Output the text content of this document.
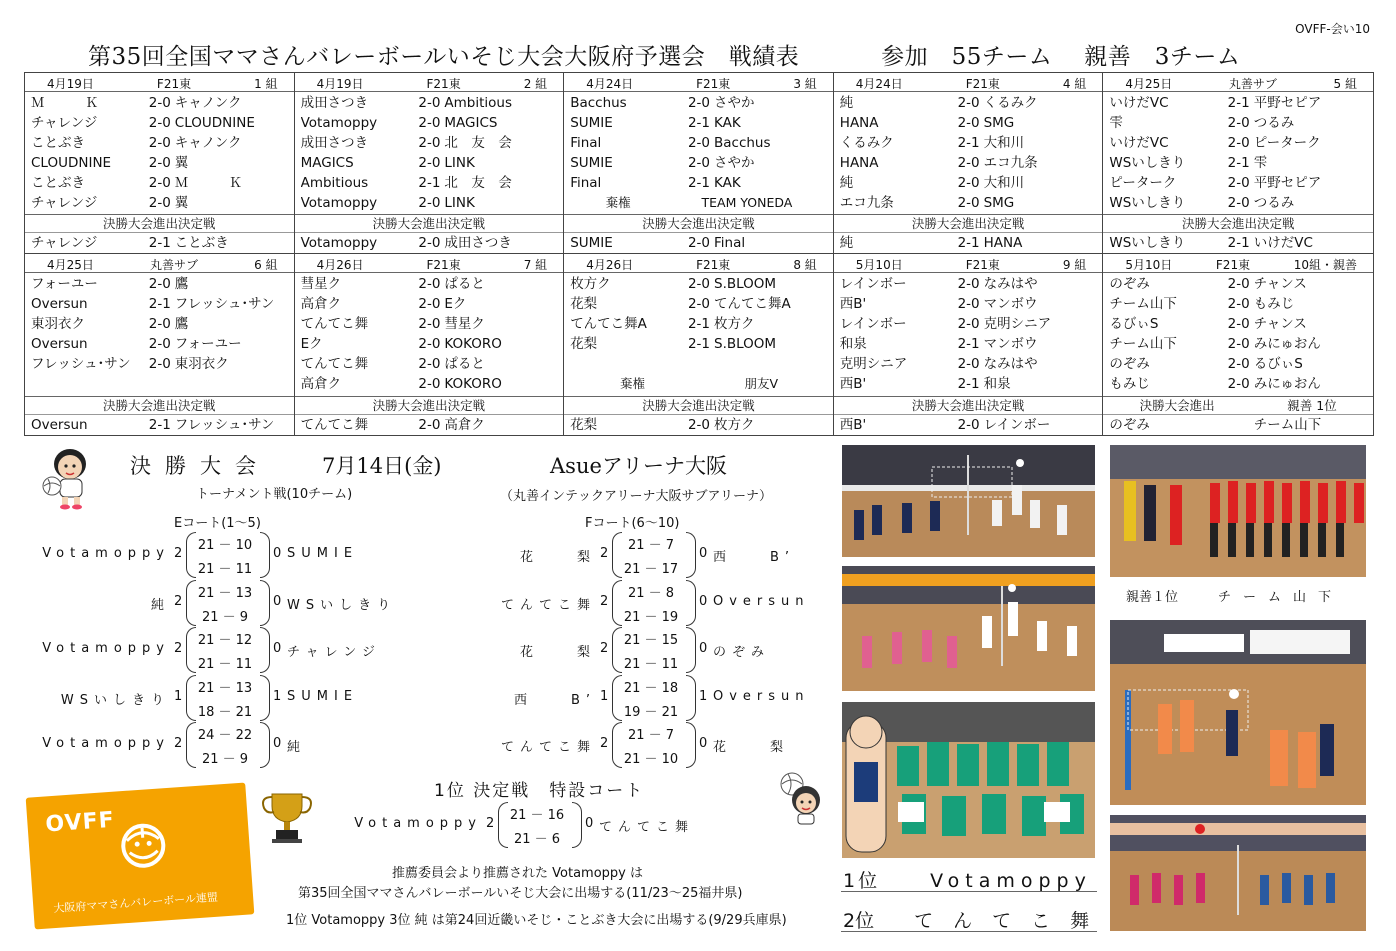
OVFF-会い10
第35回全国ママさんバレーボールいそじ大会大阪府予選会　戦績表	参加　55チーム 親善　3チーム
4月19日	F21東	1 組
Ｍ　　　Ｋ	2-0 キャノンク
チャレンジ	2-0 CLOUDNINE
ことぶき	2-0 キャノンク
CLOUDNINE	2-0 翼
ことぶき	2-0 Ｍ　　　Ｋ
チャレンジ	2-0 翼
決勝大会進出決定戦
チャレンジ	2-1 ことぶき
4月19日	F21東	2 組
成田さつき	2-0 Ambitious
Votamoppy	2-0 MAGICS
成田さつき	2-0 北　友　会
MAGICS	2-0 LINK
Ambitious	2-1 北　友　会
Votamoppy	2-0 LINK
決勝大会進出決定戦
Votamoppy	2-0 成田さつき
4月24日	F21東	3 組
Bacchus	2-0 さやか
SUMIE	2-1 KAK
Final	2-0 Bacchus
SUMIE	2-0 さやか
Final	2-1 KAK
棄権	TEAM YONEDA
決勝大会進出決定戦
SUMIE	2-0 Final
4月24日	F21東	4 組
純	2-0 くるみク
HANA	2-0 SMG
くるみク	2-1 大和川
HANA	2-0 エコ九条
純	2-0 大和川
エコ九条	2-0 SMG
決勝大会進出決定戦
純	2-1 HANA
4月25日	丸善サブ	5 組
いけだVC	2-1 平野セピア
雫	2-0 つるみ
いけだVC	2-0 ピーターク
WSいしきり	2-1 雫
ピーターク	2-0 平野セピア
WSいしきり	2-0 つるみ
決勝大会進出決定戦
WSいしきり	2-1 いけだVC
4月25日	丸善サブ	6 組
フォーユー	2-0 鷹
Oversun	2-1 フレッシュ･サン
東羽衣ク	2-0 鷹
Oversun	2-0 フォーユー
フレッシュ･サン	2-0 東羽衣ク
決勝大会進出決定戦
Oversun	2-1 フレッシュ･サン
4月26日	F21東	7 組
彗星ク	2-0 ぱると
高倉ク	2-0 Eク
てんてこ舞	2-0 彗星ク
Eク	2-0 KOKORO
てんてこ舞	2-0 ぱると
高倉ク	2-0 KOKORO
決勝大会進出決定戦
てんてこ舞	2-0 高倉ク
4月26日	F21東	8 組
枚方ク	2-0 S.BLOOM
花梨	2-0 てんてこ舞A
てんてこ舞A	2-1 枚方ク
花梨	2-1 S.BLOOM
棄権	朋友V
決勝大会進出決定戦
花梨	2-0 枚方ク
5月10日	F21東	9 組
レインボー	2-0 なみはや
西B'	2-0 マンボウ
レインボー	2-0 克明シニア
和泉	2-1 マンボウ
克明シニア	2-0 なみはや
西B'	2-1 和泉
決勝大会進出決定戦
西B'	2-0 レインボー
5月10日	F21東	10組・親善
のぞみ	2-0 チャンス
チーム山下	2-0 もみじ
るびぃS	2-0 チャンス
チーム山下	2-0 みにゅおん
のぞみ	2-0 るびぃS
もみじ	2-0 みにゅおん
決勝大会進出	親善 1位
のぞみ	チーム山下
決勝大会 7月14日(金)	Asueアリーナ大阪
トーナメント戦(10チーム)	（丸善インテックアリーナ大阪サブアリーナ）
Eコート(1～5)	Fコート(6～10)
Votamoppy 2
21 － 10
21 － 11
0 SUMIE
純 2
21 － 13
21 － 9
0 WSいしきり
Votamoppy 2
21 － 12
21 － 11
0 チャレンジ
WSいしきり 1
21 － 13
18 － 21
1 SUMIE
Votamoppy 2
24 － 22
21 － 9
0 純
花　　梨 2
21 － 7
21 － 17
0 西　　B’
てんてこ舞 2
21 － 8
21 － 19
0 Oversun
花　　梨 2
21 － 15
21 － 11
0 のぞみ
西　　B’ 1
21 － 18
19 － 21
1 Oversun
てんてこ舞 2
21 － 7
21 － 10
0 花　　梨
1位 決定戦　特設コート
Votamoppy 2
21 － 16
21 － 6
0 てんてこ舞
推薦委員会より推薦された Votamoppy は
第35回全国ママさんバレーボールいそじ大会に出場する(11/23～25福井県)
1位 Votamoppy 3位 純 は第24回近畿いそじ・ことぶき大会に出場する(9/29兵庫県)
OVFF
大阪府ママさんバレーボール連盟
親善１位	チーム山下
1位	Votamoppy
2位 てんてこ舞
